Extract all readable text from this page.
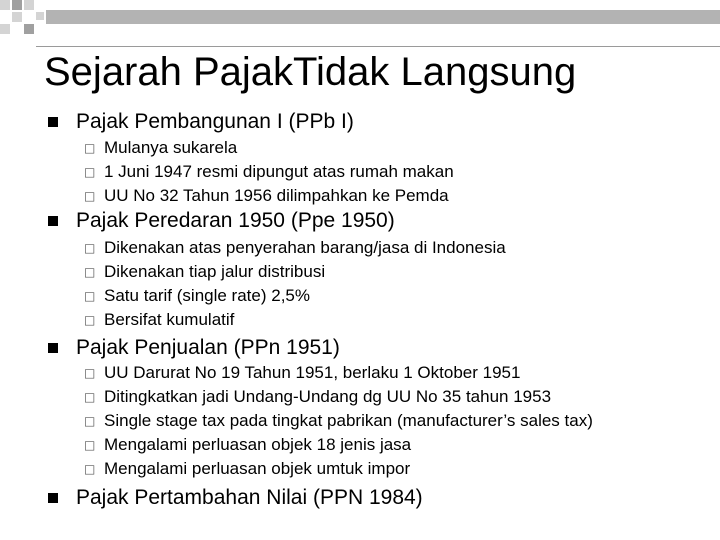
Sejarah PajakTidak Langsung
Pajak Pembangunan I (PPb I)
□ Mulanya sukarela
□ 1 Juni 1947 resmi dipungut atas rumah makan
□ UU No 32 Tahun 1956 dilimpahkan ke Pemda
Pajak Peredaran 1950 (Ppe 1950)
□ Dikenakan atas penyerahan barang/jasa di Indonesia
□ Dikenakan tiap jalur distribusi
□ Satu tarif (single rate) 2,5%
□ Bersifat kumulatif
Pajak Penjualan (PPn 1951)
□ UU Darurat No 19 Tahun 1951, berlaku 1 Oktober 1951
□ Ditingkatkan jadi Undang-Undang dg UU No 35 tahun 1953
□ Single stage tax pada tingkat pabrikan (manufacturer’s sales tax)
□ Mengalami perluasan objek 18 jenis jasa
□ Mengalami perluasan objek umtuk impor
Pajak Pertambahan Nilai (PPN 1984)
